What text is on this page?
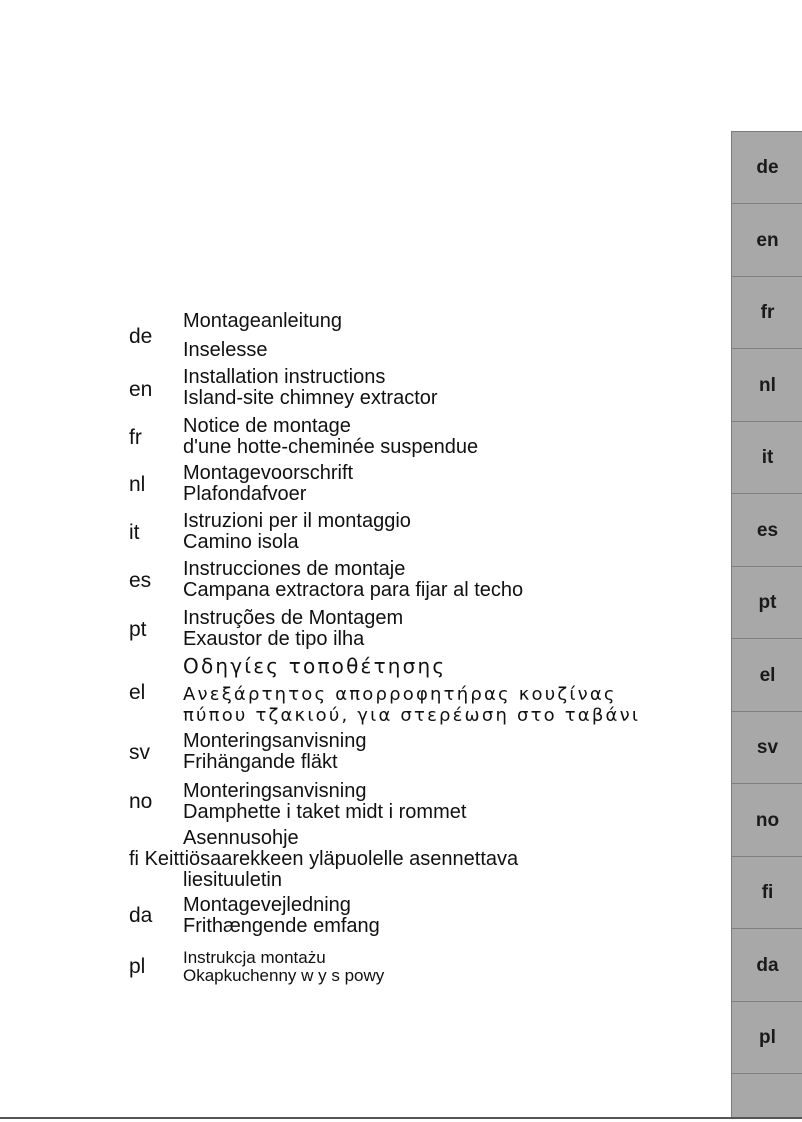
de
Montageanleitung
Inselesse
en
Installation instructions
Island-site chimney extractor
fr Notice de montage
d'une hotte-cheminée suspendue
nl Montagevoorschrift
Plafondafvoer
it Istruzioni per il montaggio
Camino isola
es Instrucciones de montaje
Campana extractora para fijar al techo
pt Instruções de Montagem
Exaustor de tipo ilha
el
Οδηγίες τοποθέτησης
Ανεξάρτητος απορροφητήρας κουζίνας
πύπου τζακιού, για στερέωση στο ταβάνι
sv Monteringsanvisning
Frihängande fläkt
no Monteringsanvisning
Damphette i taket midt i rommet
Asennusohje
fi Keittiösaarekkeen yläpuolelle asennettava
liesituuletin
da Montagevejledning
Frithængende emfang
pl Instrukcja montażu
Okapkuchenny w y s powy
de
en
fr
nl
it
es
pt
el
sv
no
fi
da
pl
